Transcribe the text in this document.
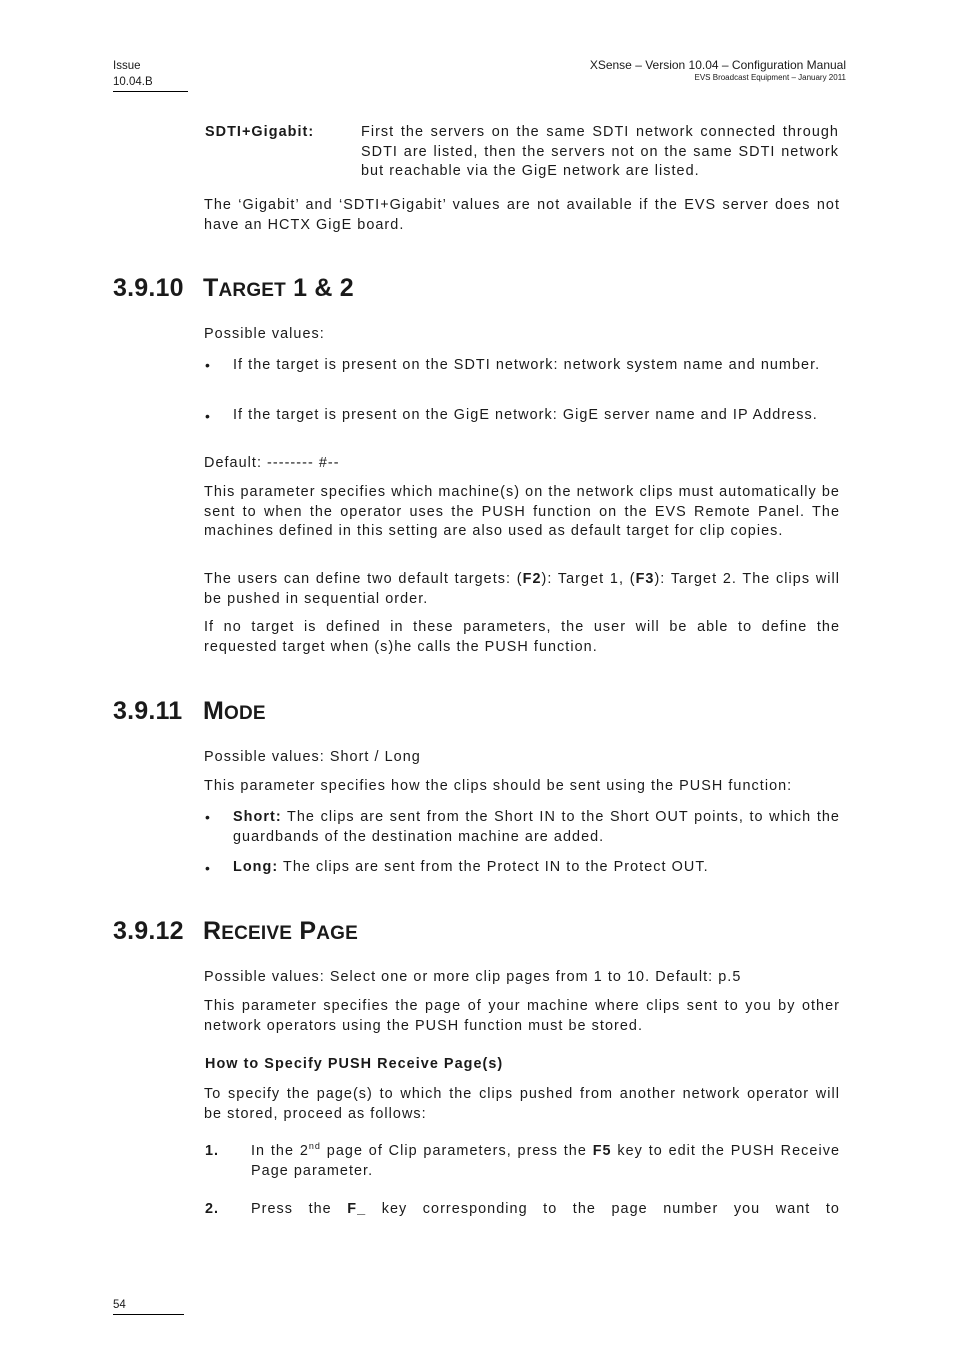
Issue
10.04.B
XSense – Version 10.04 – Configuration Manual
EVS Broadcast Equipment – January 2011
SDTI+Gigabit:	First the servers on the same SDTI network connected through SDTI are listed, then the servers not on the same SDTI network but reachable via the GigE network are listed.
The ‘Gigabit’ and ‘SDTI+Gigabit’ values are not available if the EVS server does not have an HCTX GigE board.
3.9.10 TARGET 1 & 2
Possible values:
• If the target is present on the SDTI network: network system name and number.
• If the target is present on the GigE network: GigE server name and IP Address.
Default: -------- #--
This parameter specifies which machine(s) on the network clips must automatically be sent to when the operator uses the PUSH function on the EVS Remote Panel. The machines defined in this setting are also used as default target for clip copies.
The users can define two default targets: (F2): Target 1, (F3): Target 2. The clips will be pushed in sequential order.
If no target is defined in these parameters, the user will be able to define the requested target when (s)he calls the PUSH function.
3.9.11 MODE
Possible values: Short / Long
This parameter specifies how the clips should be sent using the PUSH function:
• Short: The clips are sent from the Short IN to the Short OUT points, to which the guardbands of the destination machine are added.
• Long: The clips are sent from the Protect IN to the Protect OUT.
3.9.12 RECEIVE PAGE
Possible values: Select one or more clip pages from 1 to 10. Default: p.5
This parameter specifies the page of your machine where clips sent to you by other network operators using the PUSH function must be stored.
How to Specify PUSH Receive Page(s)
To specify the page(s) to which the clips pushed from another network operator will be stored, proceed as follows:
1. In the 2nd page of Clip parameters, press the F5 key to edit the PUSH Receive Page parameter.
2. Press the F_ key corresponding to the page number you want to
54
